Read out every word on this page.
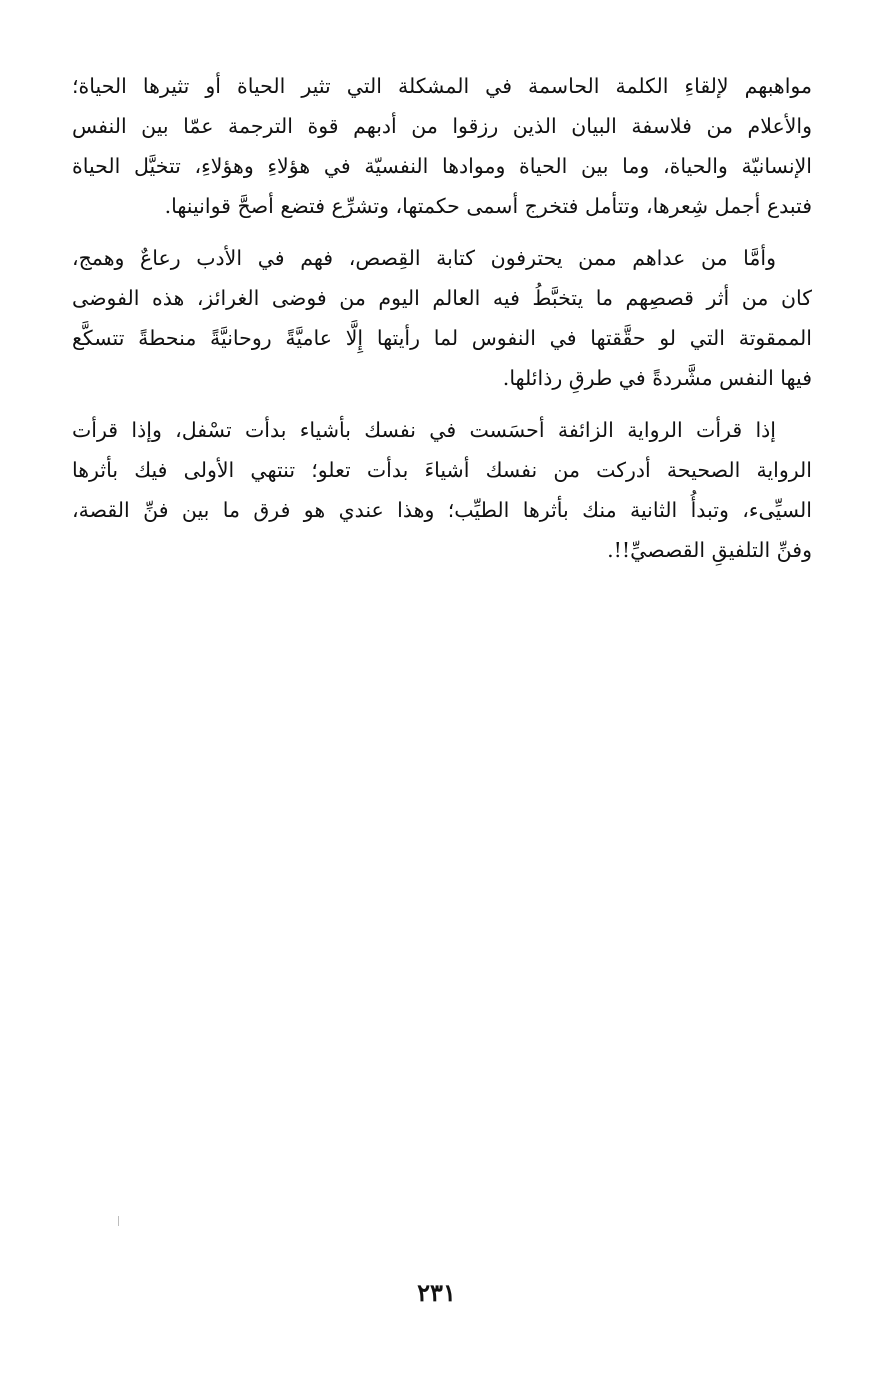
مواهبهم لإلقاءِ الكلمة الحاسمة في المشكلة التي تثير الحياة أو تثيرها الحياة؛
والأعلام من فلاسفة البيان الذين رزقوا من أدبهم قوة الترجمة عمّا بين النفس
الإنسانيّة والحياة، وما بين الحياة وموادها النفسيّة في هؤلاءِ وهؤلاءِ، تتخيَّل الحياة
فتبدع أجمل شِعرها، وتتأمل فتخرج أسمى حكمتها، وتشرِّع فتضع أصحَّ قوانينها.
وأمَّا من عداهم ممن يحترفون كتابة القِصص، فهم في الأدب رعاعٌ وهمج،
كان من أثر قصصِهم ما يتخبَّطُ فيه العالم اليوم من فوضى الغرائز، هذه الفوضى
الممقوتة التي لو حقَّقتها في النفوس لما رأيتها إِلَّا عاميَّةً روحانيَّةً منحطةً تتسكَّع
فيها النفس مشَّردةً في طرقِ رذائلها.
إذا قرأت الرواية الزائفة أحسَست في نفسك بأشياء بدأت تسْفل، وإذا قرأت
الرواية الصحيحة أدركت من نفسك أشياءَ بدأت تعلو؛ تنتهي الأولى فيك بأثرها
السيِّىء، وتبدأُ الثانية منك بأثرها الطيِّب؛ وهذا عندي هو فرق ما بين فنِّ القصة،
وفنِّ التلفيقِ القصصيِّ!!.
٢٣١
